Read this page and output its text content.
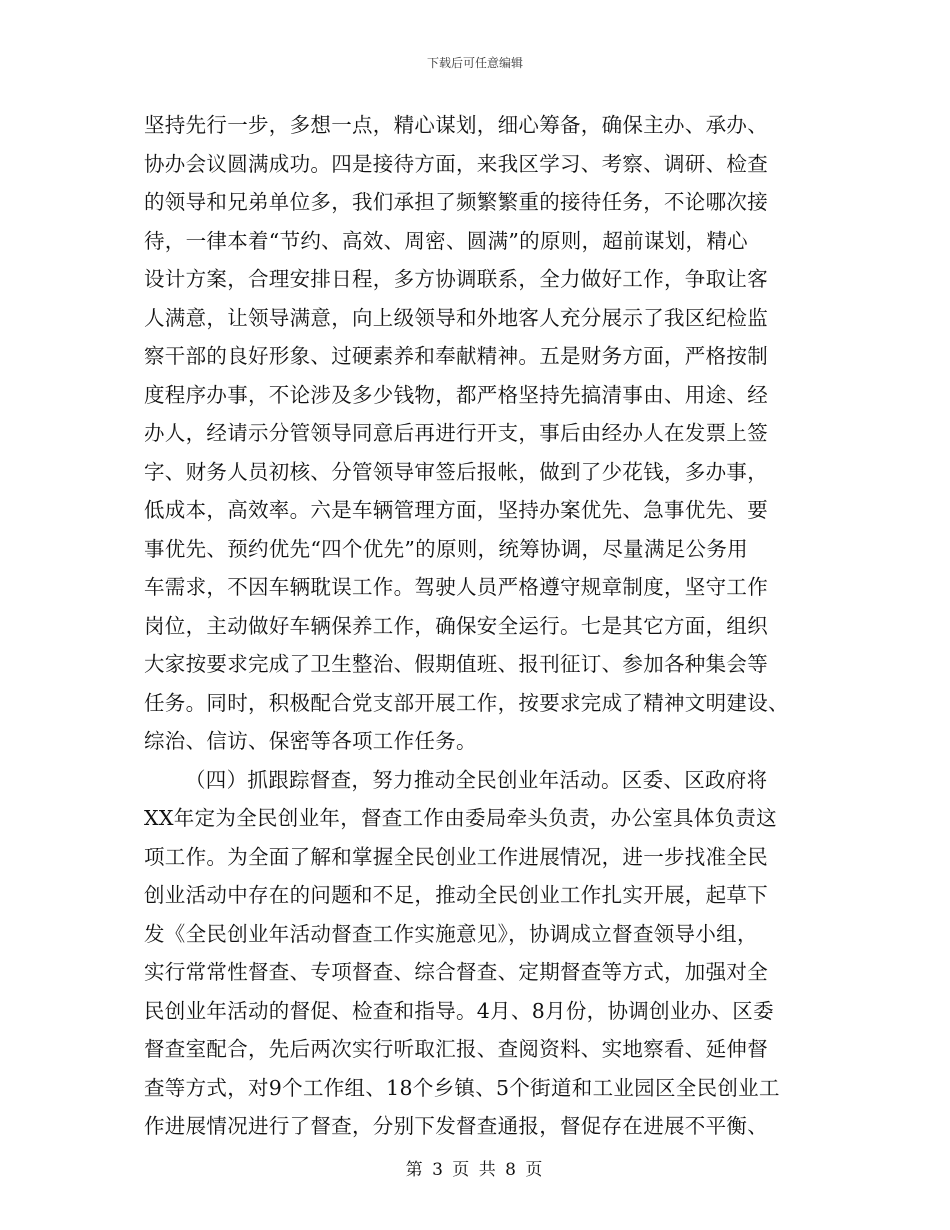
下载后可任意编辑
坚持先行一步，多想一点，精心谋划，细心筹备，确保主办、承办、
协办会议圆满成功。四是接待方面，来我区学习、考察、调研、检查
的领导和兄弟单位多，我们承担了频繁繁重的接待任务，不论哪次接
待，一律本着“节约、高效、周密、圆满”的原则，超前谋划，精心
设计方案，合理安排日程，多方协调联系，全力做好工作，争取让客
人满意，让领导满意，向上级领导和外地客人充分展示了我区纪检监
察干部的良好形象、过硬素养和奉献精神。五是财务方面，严格按制
度程序办事，不论涉及多少钱物，都严格坚持先搞清事由、用途、经
办人，经请示分管领导同意后再进行开支，事后由经办人在发票上签
字、财务人员初核、分管领导审签后报帐，做到了少花钱，多办事，
低成本，高效率。六是车辆管理方面，坚持办案优先、急事优先、要
事优先、预约优先“四个优先”的原则，统筹协调，尽量满足公务用
车需求，不因车辆耽误工作。驾驶人员严格遵守规章制度，坚守工作
岗位，主动做好车辆保养工作，确保安全运行。七是其它方面，组织
大家按要求完成了卫生整治、假期值班、报刊征订、参加各种集会等
任务。同时，积极配合党支部开展工作，按要求完成了精神文明建设、
综治、信访、保密等各项工作任务。
（四）抓跟踪督查，努力推动全民创业年活动。区委、区政府将
XX年定为全民创业年，督查工作由委局牵头负责，办公室具体负责这
项工作。为全面了解和掌握全民创业工作进展情况，进一步找准全民
创业活动中存在的问题和不足，推动全民创业工作扎实开展，起草下
发《全民创业年活动督查工作实施意见》，协调成立督查领导小组，
实行常常性督查、专项督查、综合督查、定期督查等方式，加强对全
民创业年活动的督促、检查和指导。4月、8月份，协调创业办、区委
督查室配合，先后两次实行听取汇报、查阅资料、实地察看、延伸督
查等方式，对9个工作组、18个乡镇、5个街道和工业园区全民创业工
作进展情况进行了督查，分别下发督查通报，督促存在进展不平衡、
第 3 页 共 8 页
